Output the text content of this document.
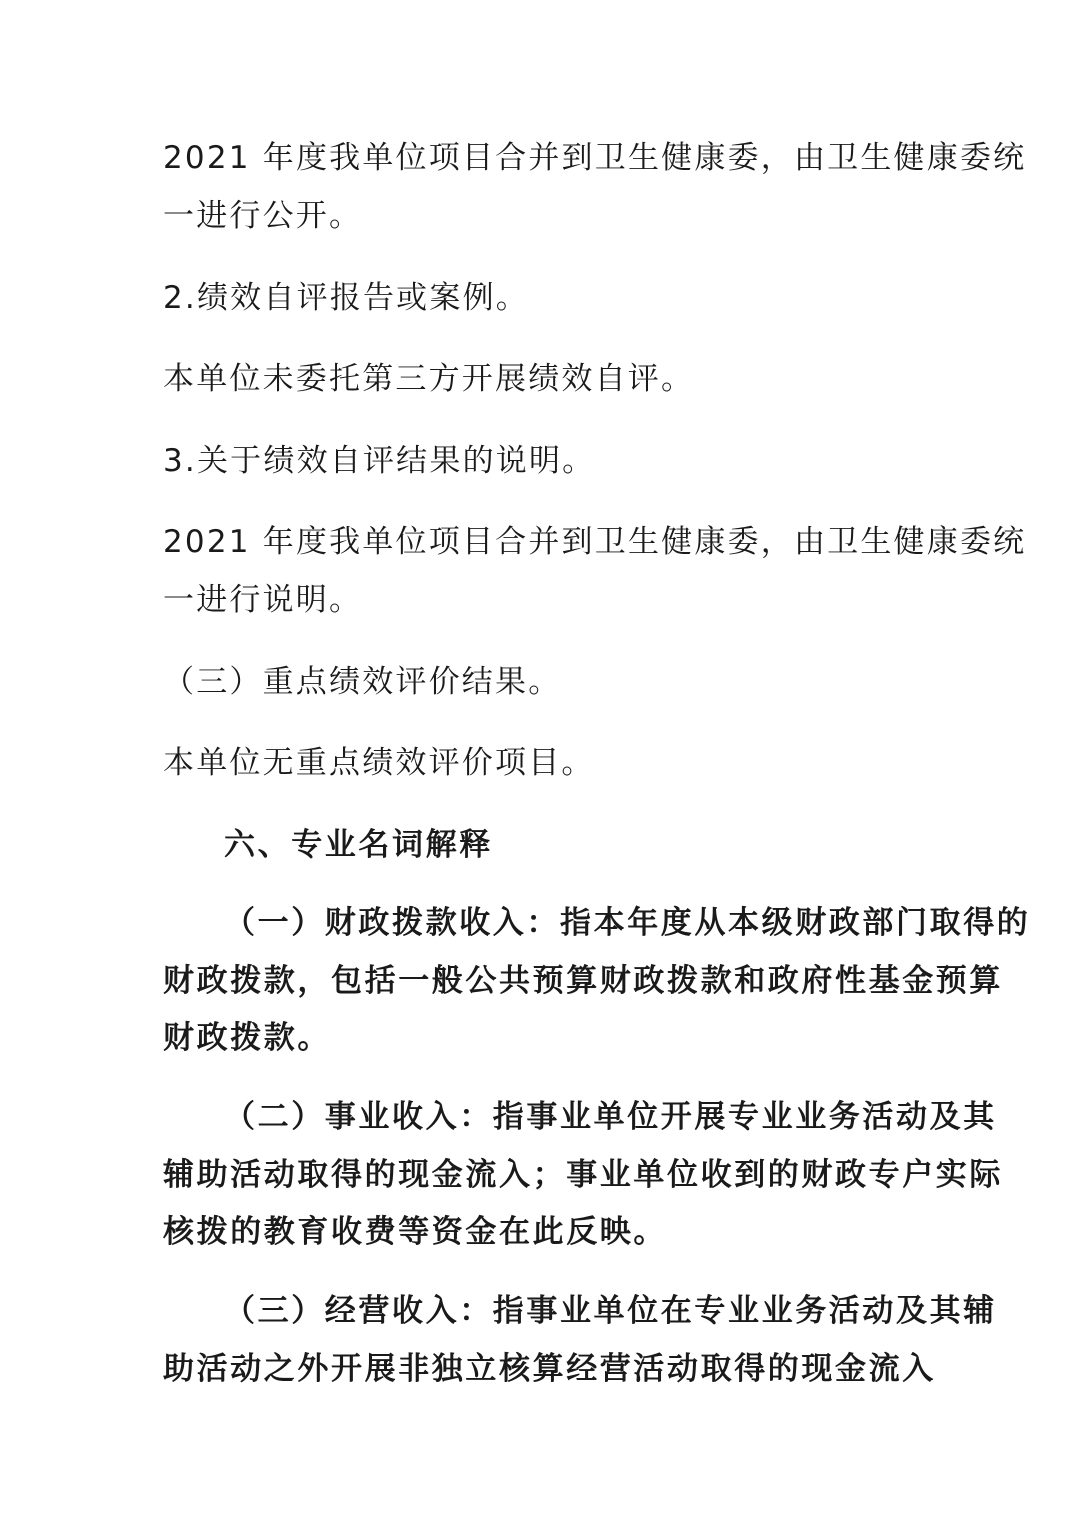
2021 年度我单位项目合并到卫生健康委，由卫生健康委统
一进行公开。
2.绩效自评报告或案例。
本单位未委托第三方开展绩效自评。
3.关于绩效自评结果的说明。
2021 年度我单位项目合并到卫生健康委，由卫生健康委统
一进行说明。
（三）重点绩效评价结果。
本单位无重点绩效评价项目。
六、专业名词解释
（一）财政拨款收入：指本年度从本级财政部门取得的
财政拨款，包括一般公共预算财政拨款和政府性基金预算
财政拨款。
（二）事业收入：指事业单位开展专业业务活动及其
辅助活动取得的现金流入；事业单位收到的财政专户实际
核拨的教育收费等资金在此反映。
（三）经营收入：指事业单位在专业业务活动及其辅
助活动之外开展非独立核算经营活动取得的现金流入
